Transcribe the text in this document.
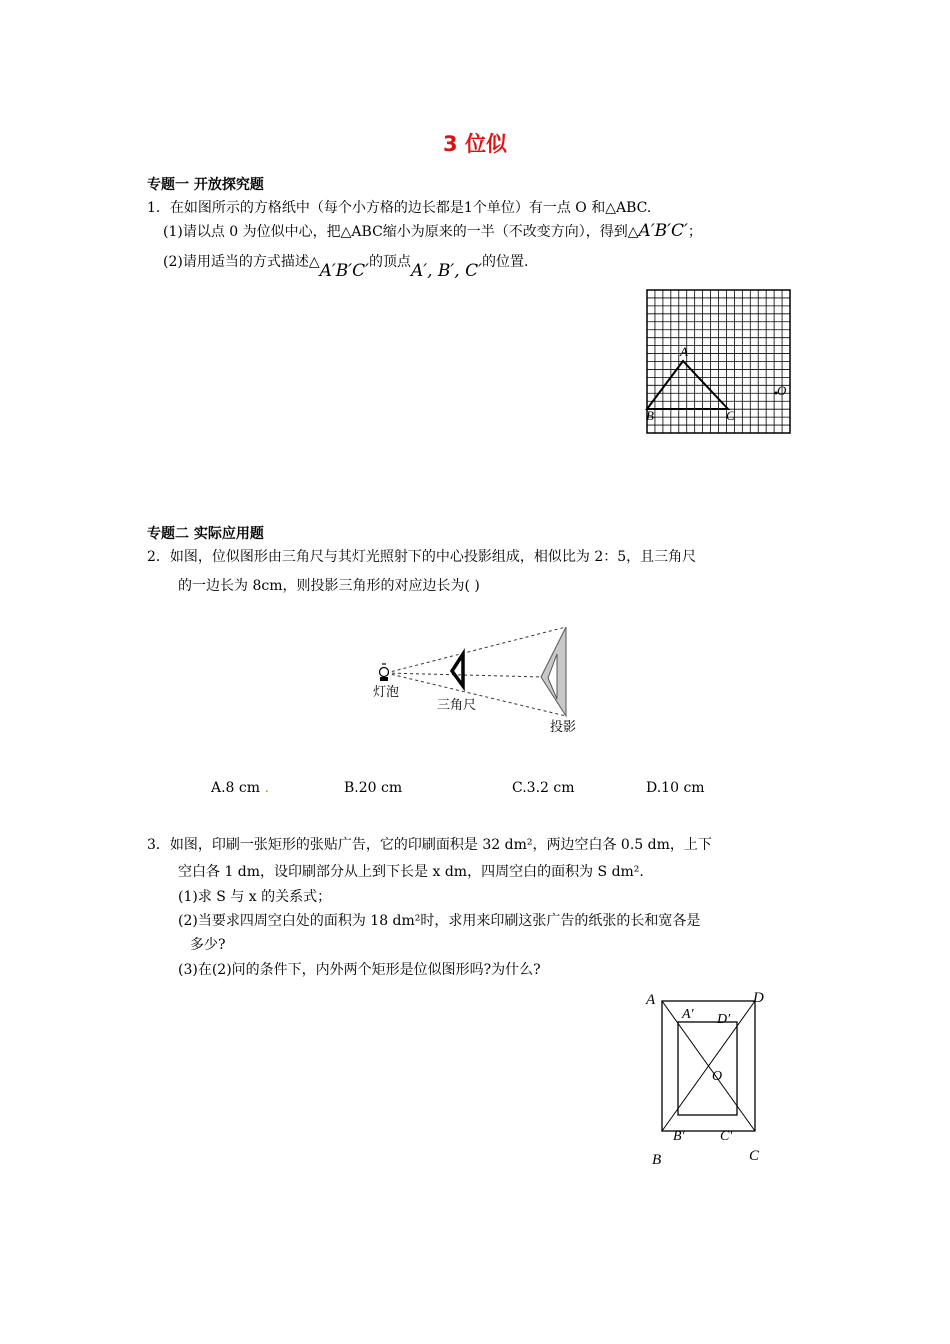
3 位似
专题一 开放探究题
1．在如图所示的方格纸中（每个小方格的边长都是1个单位）有一点 O 和△ABC.
(1)请以点 0 为位似中心，把△ABC缩小为原来的一半（不改变方向），得到△A′B′C′；
(2)请用适当的方式描述△A′B′C′的顶点A′, B′, C′的位置.
A
B	C
O
专题二 实际应用题
2．如图，位似图形由三角尺与其灯光照射下的中心投影组成，相似比为 2：5，且三角尺
的一边长为 8cm，则投影三角形的对应边长为( )
灯泡
三角尺
投影
A.8 cm .	B.20 cm	C.3.2 cm	D.10 cm
3．如图，印刷一张矩形的张贴广告，它的印刷面积是 32 dm²，两边空白各 0.5 dm，上下
空白各 1 dm，设印刷部分从上到下长是 x dm，四周空白的面积为 S dm².
(1)求 S 与 x 的关系式；
(2)当要求四周空白处的面积为 18 dm²时，求用来印刷这张广告的纸张的长和宽各是
多少?
(3)在(2)问的条件下，内外两个矩形是位似图形吗?为什么?
A
B	C
D
A′ D′
B′	C′
O
